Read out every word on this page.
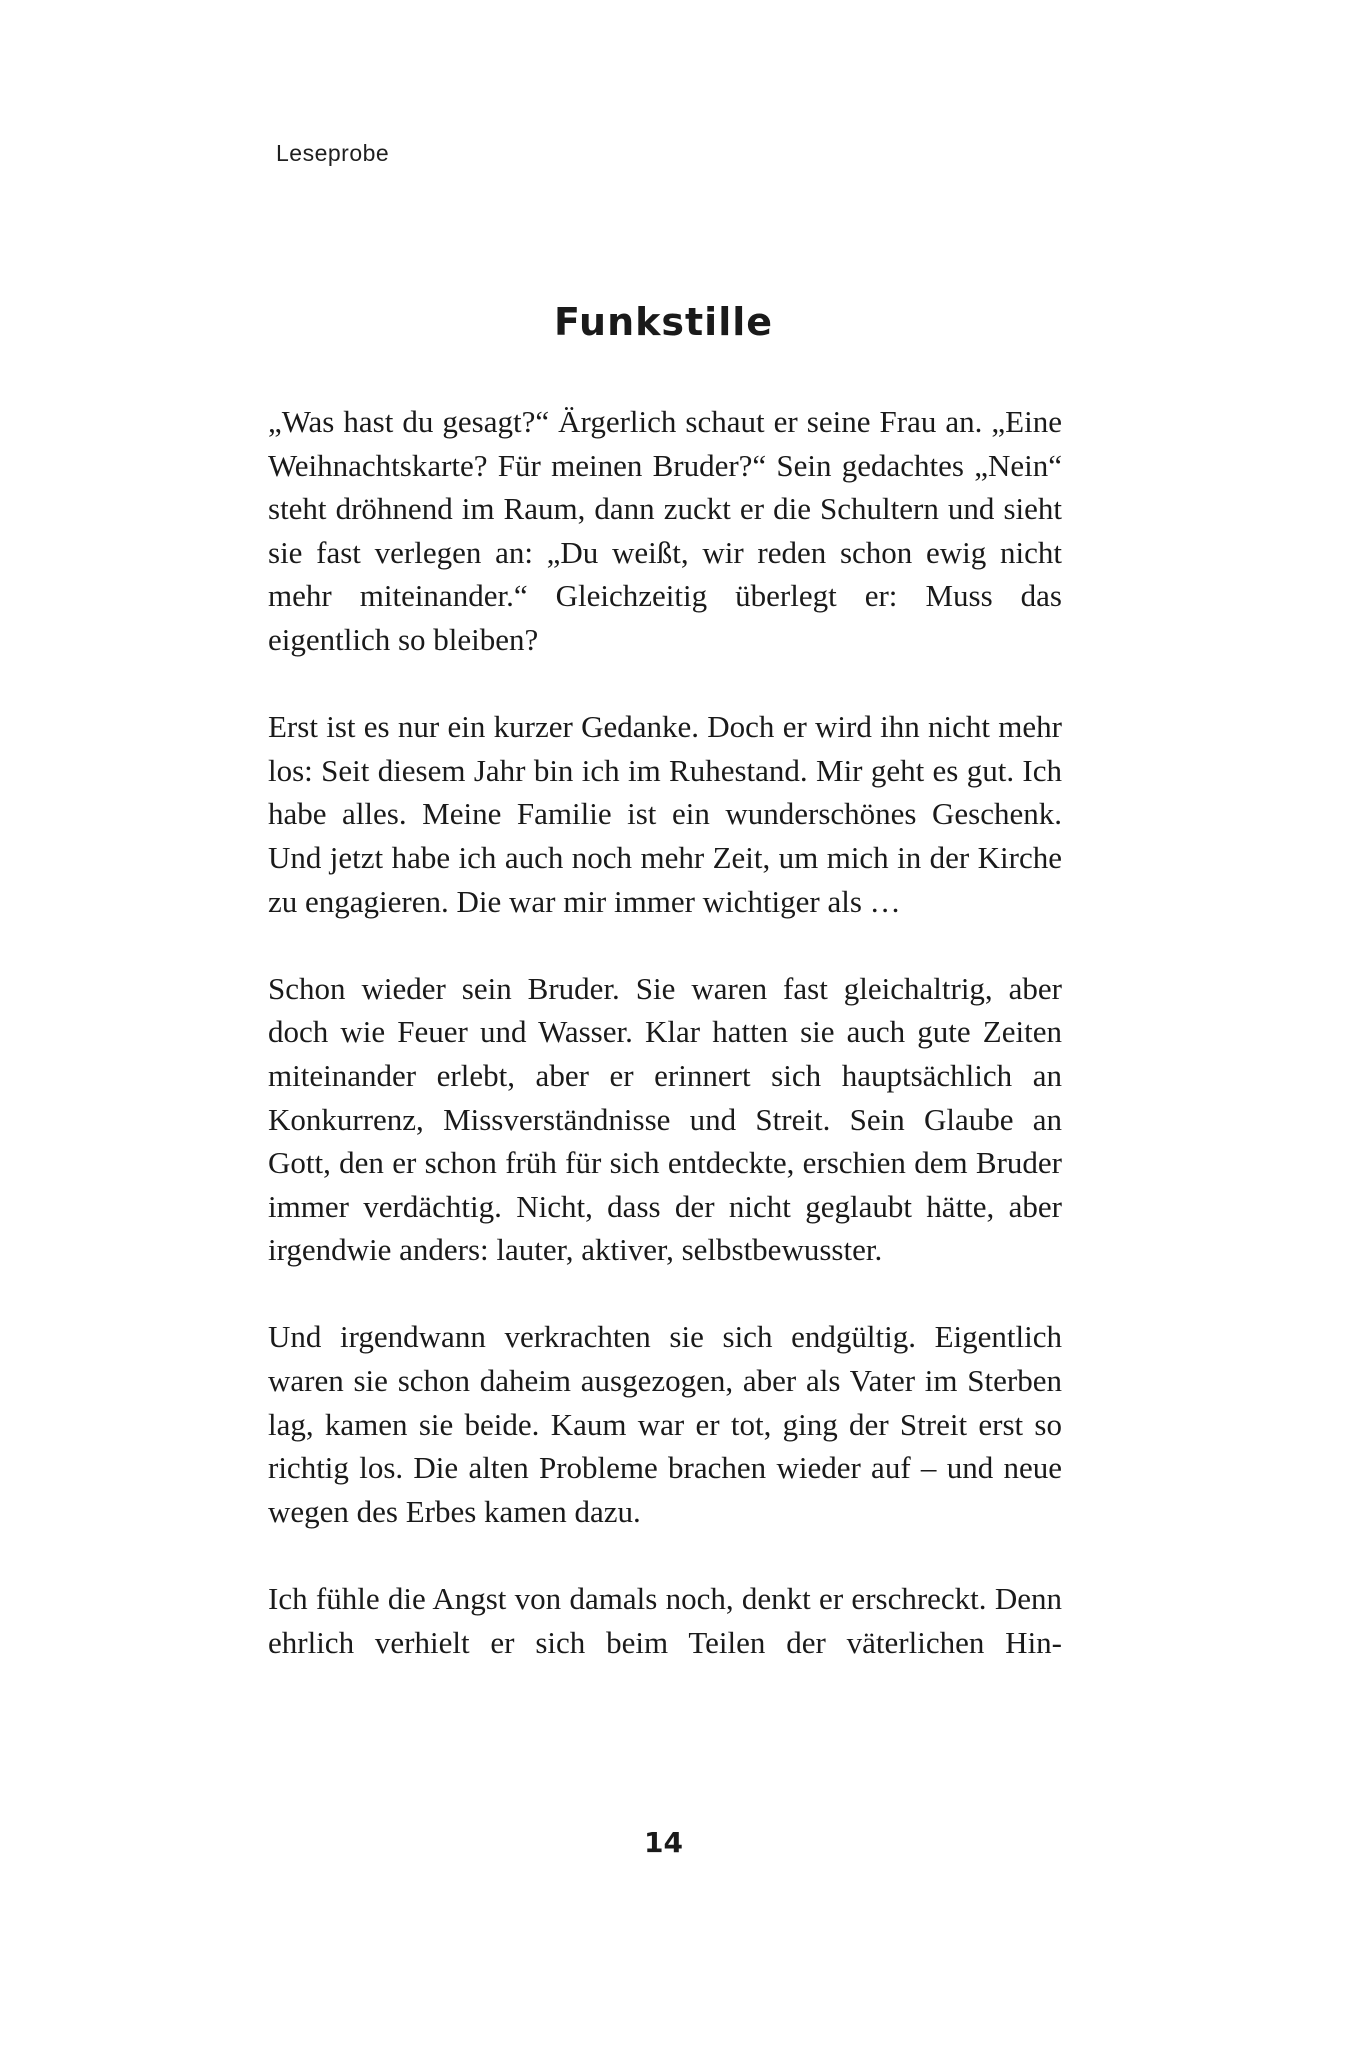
Leseprobe
Funkstille

„Was hast du gesagt?“ Ärgerlich schaut er seine Frau an. „Eine Weihnachtskarte? Für meinen Bruder?“ Sein gedachtes „Nein“ steht dröhnend im Raum, dann zuckt er die Schultern und sieht sie fast verlegen an: „Du weißt, wir reden schon ewig nicht mehr miteinander.“ Gleichzeitig überlegt er: Muss das eigentlich so bleiben?

Erst ist es nur ein kurzer Gedanke. Doch er wird ihn nicht mehr los: Seit diesem Jahr bin ich im Ruhestand. Mir geht es gut. Ich habe alles. Meine Familie ist ein wunderschönes Geschenk. Und jetzt habe ich auch noch mehr Zeit, um mich in der Kirche zu engagieren. Die war mir immer wichtiger als …

Schon wieder sein Bruder. Sie waren fast gleichaltrig, aber doch wie Feuer und Wasser. Klar hatten sie auch gute Zeiten miteinander erlebt, aber er erinnert sich hauptsächlich an Konkurrenz, Missverständnisse und Streit. Sein Glaube an Gott, den er schon früh für sich entdeckte, erschien dem Bruder immer verdächtig. Nicht, dass der nicht geglaubt hätte, aber irgendwie anders: lauter, aktiver, selbstbewusster.

Und irgendwann verkrachten sie sich endgültig. Eigentlich waren sie schon daheim ausgezogen, aber als Vater im Sterben lag, kamen sie beide. Kaum war er tot, ging der Streit erst so richtig los. Die alten Probleme brachen wieder auf – und neue wegen des Erbes kamen dazu.

Ich fühle die Angst von damals noch, denkt er erschreckt. Denn ehrlich verhielt er sich beim Teilen der väterlichen Hin-

14
